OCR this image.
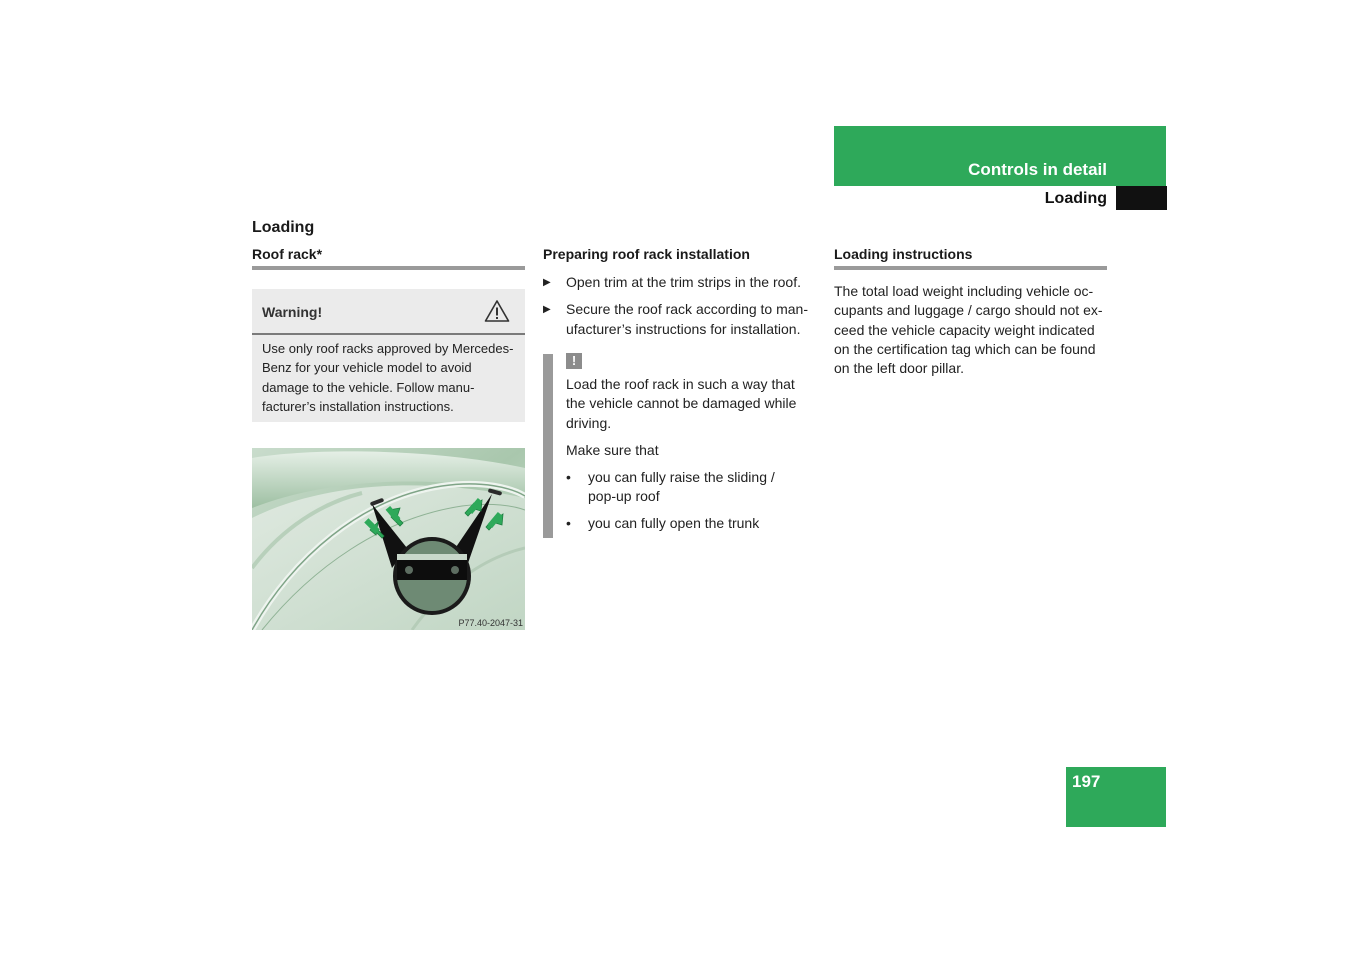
Controls in detail
Loading
Loading
Roof rack*
Warning!
Use only roof racks approved by Mercedes-Benz for your vehicle model to avoid damage to the vehicle. Follow manu-facturer’s installation instructions.
P77.40-2047-31
Preparing roof rack installation
▶ Open trim at the trim strips in the roof.
▶ Secure the roof rack according to man-ufacturer’s instructions for installation.
!
Load the roof rack in such a way that the vehicle cannot be damaged while driving.
Make sure that
• you can fully raise the sliding / pop-up roof
• you can fully open the trunk
Loading instructions
The total load weight including vehicle oc-cupants and luggage / cargo should not ex-ceed the vehicle capacity weight indicated on the certification tag which can be found on the left door pillar.
197
